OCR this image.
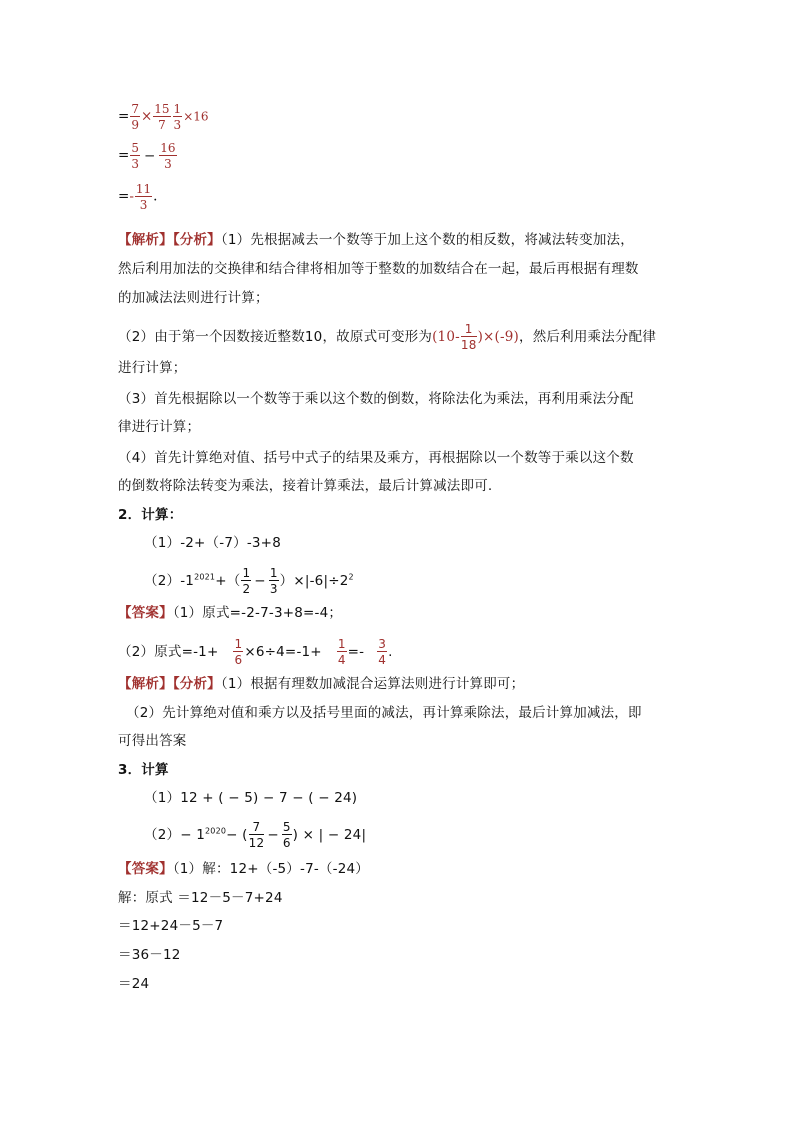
= $\frac{7}{9} \times \frac{15}{7} \frac{1}{3} \times 16$
= $\frac{5}{3} - \frac{16}{3}$
=- $\frac{11}{3}$ .
【解析】【分析】（1）先根据减去一个数等于加上这个数的相反数，将减法转变加法，
然后利用加法的交换律和结合律将相加等于整数的加数结合在一起，最后再根据有理数
的加减法法则进行计算；
（2）由于第一个因数接近整数10，故原式可变形为$(10- \frac{1}{18} )\times(-9)$，然后利用乘法分配律
进行计算；
（3）首先根据除以一个数等于乘以这个数的倒数，将除法化为乘法，再利用乘法分配
律进行计算；
（4）首先计算绝对值、括号中式子的结果及乘方，再根据除以一个数等于乘以这个数
的倒数将除法转变为乘法，接着计算乘法，最后计算减法即可.
2．计算：
（1）-2+（-7）-3+8
$(2)-1^{2021}+( \frac{1}{2} - \frac{1}{3} )\times|-6|\div 2^2$
【答案】（1）原式=-2-7-3+8=-4；
（2）原式$=-1+ \frac{1}{6} \times 6\div 4=-1+ \frac{1}{4} =- \frac{3}{4}$ .
【解析】【分析】（1）根据有理数加减混合运算法则进行计算即可；
（2）先计算绝对值和乘方以及括号里面的减法，再计算乘除法，最后计算加减法，即
可得出答案
3．计算
（1）12 + ( − 5) − 7 − ( − 24)
$(2)- 1^{2020}-$ ( $\frac{7}{12} - \frac{5}{6}$ ) × | − 24|
【答案】（1）解：12+（-5）-7-（-24）
解：原式 ＝12－5－7+24
＝12+24－5－7
＝36－12
＝24
